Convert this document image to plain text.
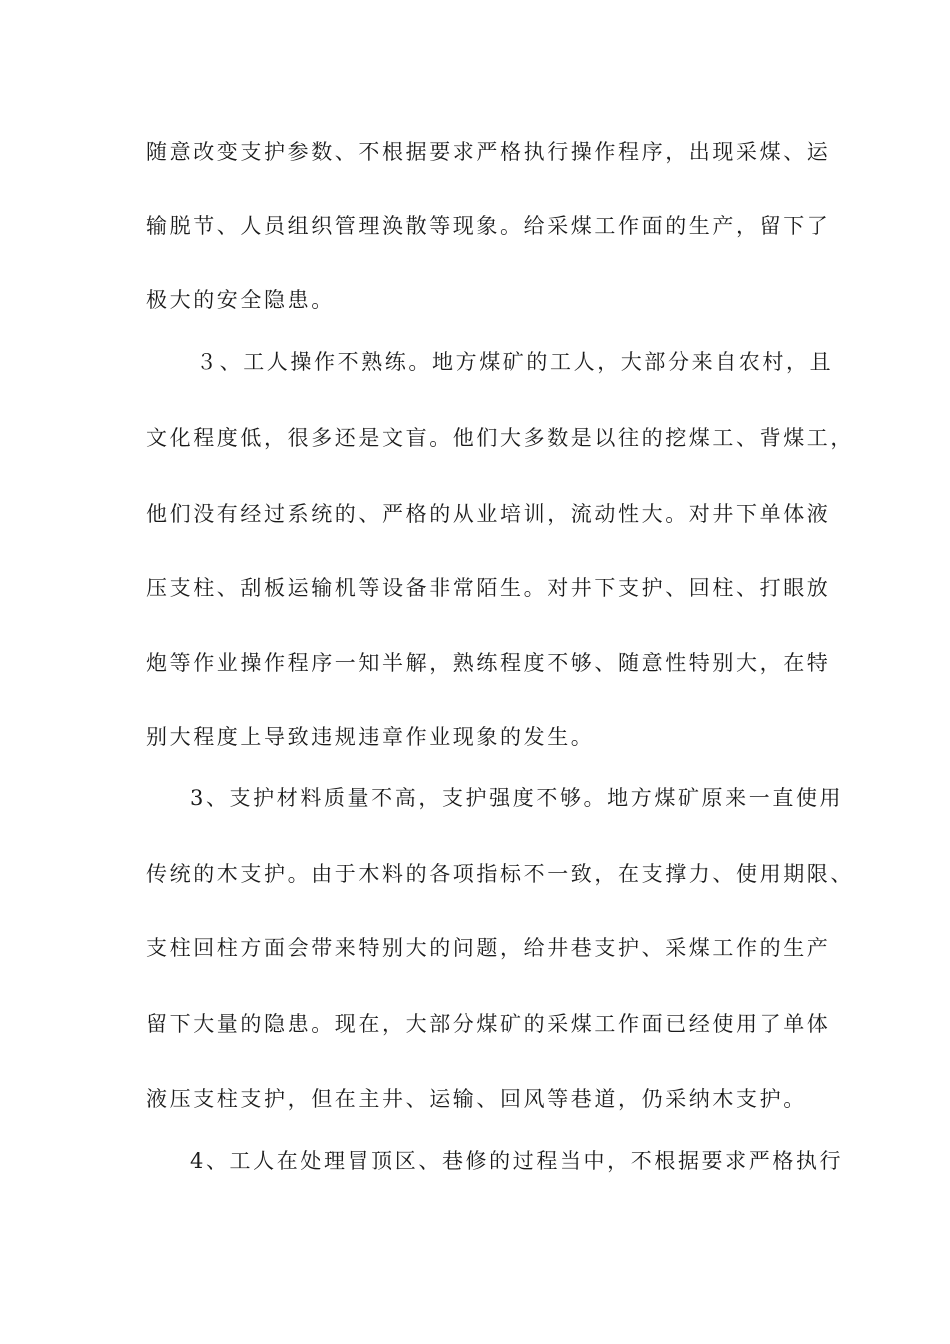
随意改变支护参数、不根据要求严格执行操作程序，出现采煤、运
输脱节、人员组织管理涣散等现象。给采煤工作面的生产，留下了
极大的安全隐患。
３、工人操作不熟练。地方煤矿的工人，大部分来自农村，且
文化程度低，很多还是文盲。他们大多数是以往的挖煤工、背煤工，
他们没有经过系统的、严格的从业培训，流动性大。对井下单体液
压支柱、刮板运输机等设备非常陌生。对井下支护、回柱、打眼放
炮等作业操作程序一知半解，熟练程度不够、随意性特别大，在特
别大程度上导致违规违章作业现象的发生。
3、支护材料质量不高，支护强度不够。地方煤矿原来一直使用
传统的木支护。由于木料的各项指标不一致，在支撑力、使用期限、
支柱回柱方面会带来特别大的问题，给井巷支护、采煤工作的生产
留下大量的隐患。现在，大部分煤矿的采煤工作面已经使用了单体
液压支柱支护，但在主井、运输、回风等巷道，仍采纳木支护。
4、工人在处理冒顶区、巷修的过程当中，不根据要求严格执行
